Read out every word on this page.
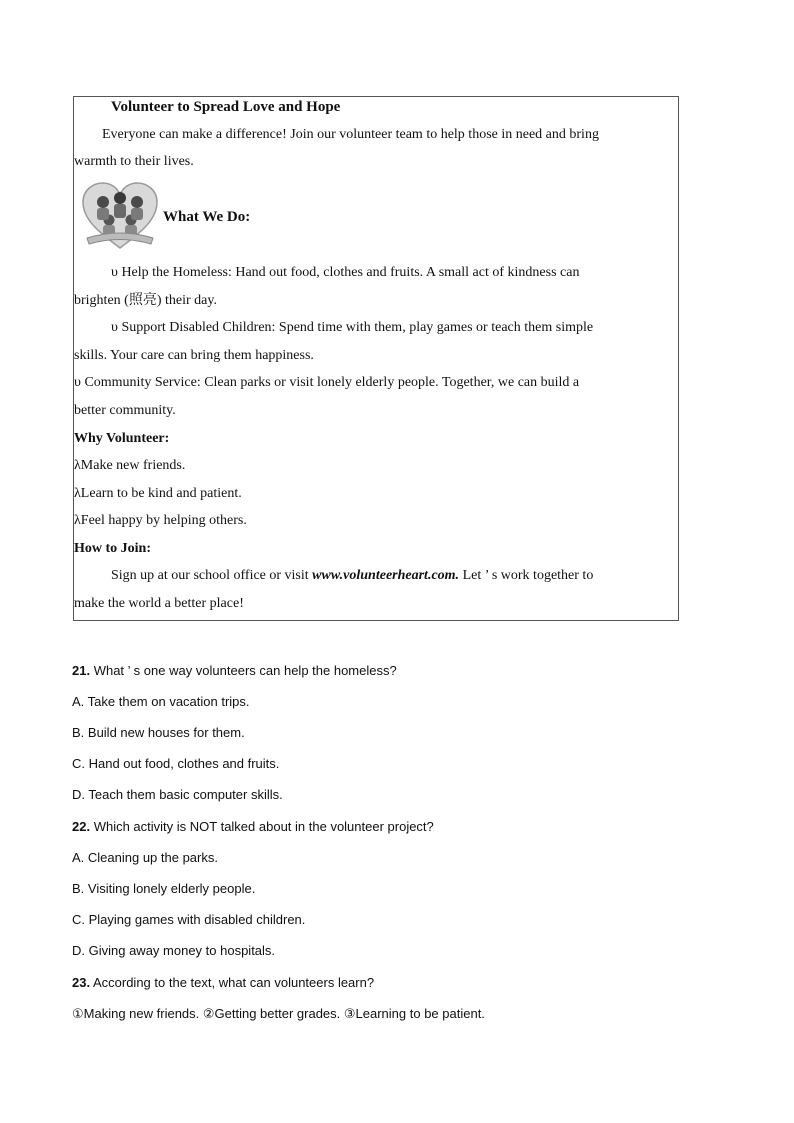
Volunteer to Spread Love and Hope
Everyone can make a difference! Join our volunteer team to help those in need and bring
warmth to their lives.
What We Do:
υ Help the Homeless: Hand out food, clothes and fruits. A small act of kindness can
brighten (照亮) their day.
υ Support Disabled Children: Spend time with them, play games or teach them simple
skills. Your care can bring them happiness.
υ Community Service: Clean parks or visit lonely elderly people. Together, we can build a
better community.
Why Volunteer:
λMake new friends.
λLearn to be kind and patient.
λFeel happy by helping others.
How to Join:
Sign up at our school office or visit www.volunteerheart.com. Let ’ s work together to
make the world a better place!
21. What ’ s one way volunteers can help the homeless?
A. Take them on vacation trips.
B. Build new houses for them.
C. Hand out food, clothes and fruits.
D. Teach them basic computer skills.
22. Which activity is NOT talked about in the volunteer project?
A. Cleaning up the parks.
B. Visiting lonely elderly people.
C. Playing games with disabled children.
D. Giving away money to hospitals.
23. According to the text, what can volunteers learn?
①Making new friends. ②Getting better grades. ③Learning to be patient.
